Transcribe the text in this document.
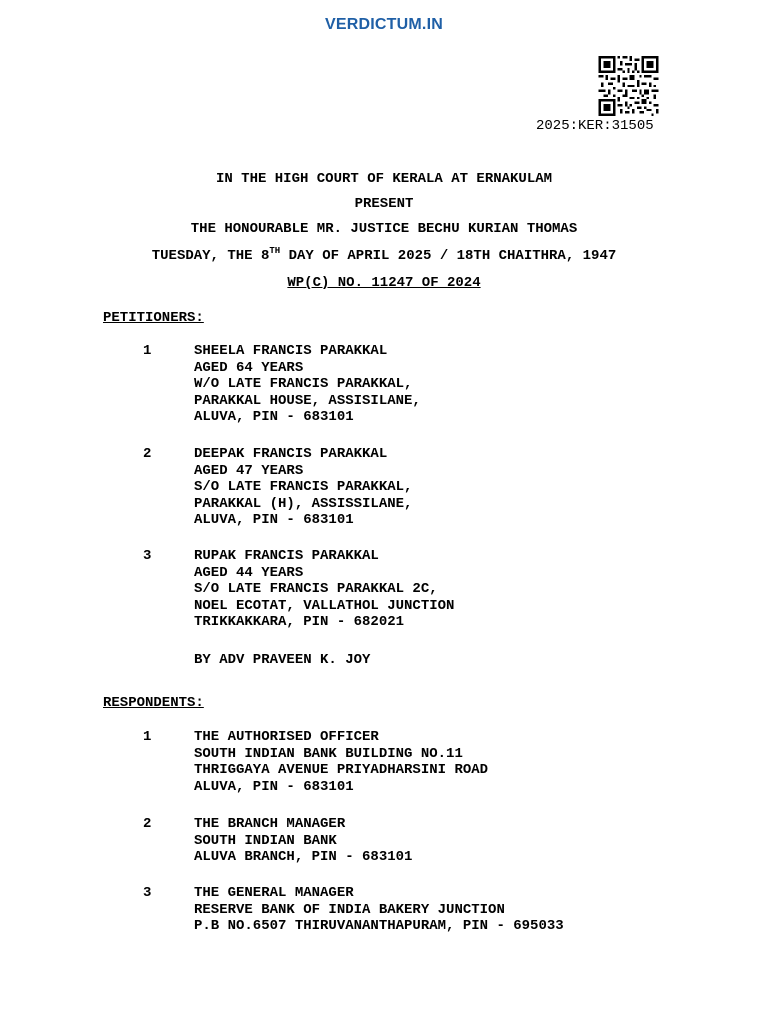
VERDICTUM.IN
2025:KER:31505
IN THE HIGH COURT OF KERALA AT ERNAKULAM
PRESENT
THE HONOURABLE MR. JUSTICE BECHU KURIAN THOMAS
TUESDAY, THE 8TH DAY OF APRIL 2025 / 18TH CHAITHRA, 1947
WP(C) NO. 11247 OF 2024
PETITIONERS:
1	SHEELA FRANCIS PARAKKAL
AGED 64 YEARS
W/O LATE FRANCIS PARAKKAL,
PARAKKAL HOUSE, ASSISILANE,
ALUVA, PIN - 683101
2	DEEPAK FRANCIS PARAKKAL
AGED 47 YEARS
S/O LATE FRANCIS PARAKKAL,
PARAKKAL (H), ASSISSILANE,
ALUVA, PIN - 683101
3	RUPAK FRANCIS PARAKKAL
AGED 44 YEARS
S/O LATE FRANCIS PARAKKAL 2C,
NOEL ECOTAT, VALLATHOL JUNCTION
TRIKKAKKARA, PIN - 682021
BY ADV PRAVEEN K. JOY
RESPONDENTS:
1	THE AUTHORISED OFFICER
SOUTH INDIAN BANK BUILDING NO.11
THRIGGAYA AVENUE PRIYADHARSINI ROAD
ALUVA, PIN - 683101
2	THE BRANCH MANAGER
SOUTH INDIAN BANK
ALUVA BRANCH, PIN - 683101
3	THE GENERAL MANAGER
RESERVE BANK OF INDIA BAKERY JUNCTION
P.B NO.6507 THIRUVANANTHAPURAM, PIN - 695033
